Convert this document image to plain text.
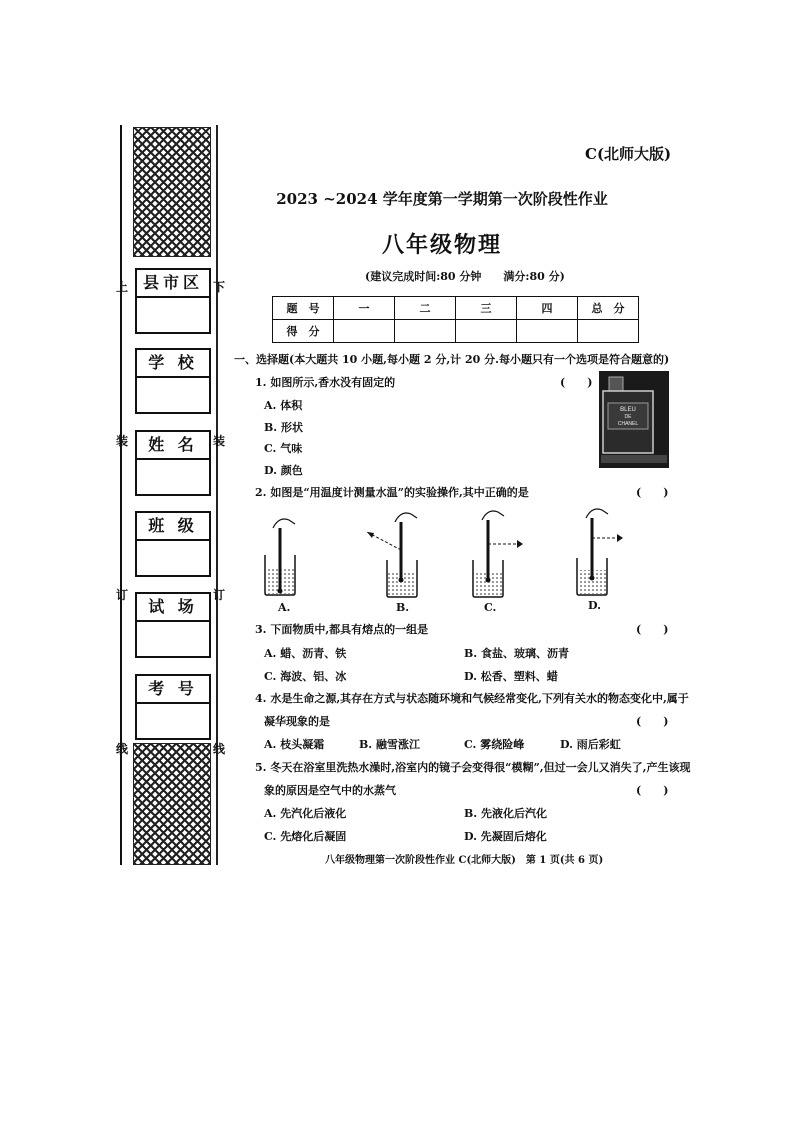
上	下
装	装
订	订
线	线
县市区
学 校
姓 名
班 级
试 场
考 号
C(北师大版)
2023 ~2024 学年度第一学期第一次阶段性作业
八年级物理
(建议完成时间:80 分钟　　满分:80 分)
题　号	一	二	三	四	总　分
得　分					
一、选择题(本大题共 10 小题,每小题 2 分,计 20 分.每小题只有一个选项是符合题意的)
1. 如图所示,香水没有固定的	(　　)
A. 体积
B. 形状
C. 气味
D. 颜色
BLEU
DE
CHANEL
2. 如图是“用温度计测量水温”的实验操作,其中正确的是	(　　)
A.	B.	C.	D.
3. 下面物质中,都具有熔点的一组是	(　　)
A. 蜡、沥青、铁	B. 食盐、玻璃、沥青
C. 海波、铝、冰	D. 松香、塑料、蜡
4. 水是生命之源,其存在方式与状态随环境和气候经常变化,下列有关水的物态变化中,属于
凝华现象的是	(　　)
A. 枝头凝霜	B. 融雪涨江	C. 雾绕险峰	D. 雨后彩虹
5. 冬天在浴室里洗热水澡时,浴室内的镜子会变得很“模糊”,但过一会儿又消失了,产生该现
象的原因是空气中的水蒸气	(　　)
A. 先汽化后液化	B. 先液化后汽化
C. 先熔化后凝固	D. 先凝固后熔化
八年级物理第一次阶段性作业 C(北师大版)　第 1 页(共 6 页)
